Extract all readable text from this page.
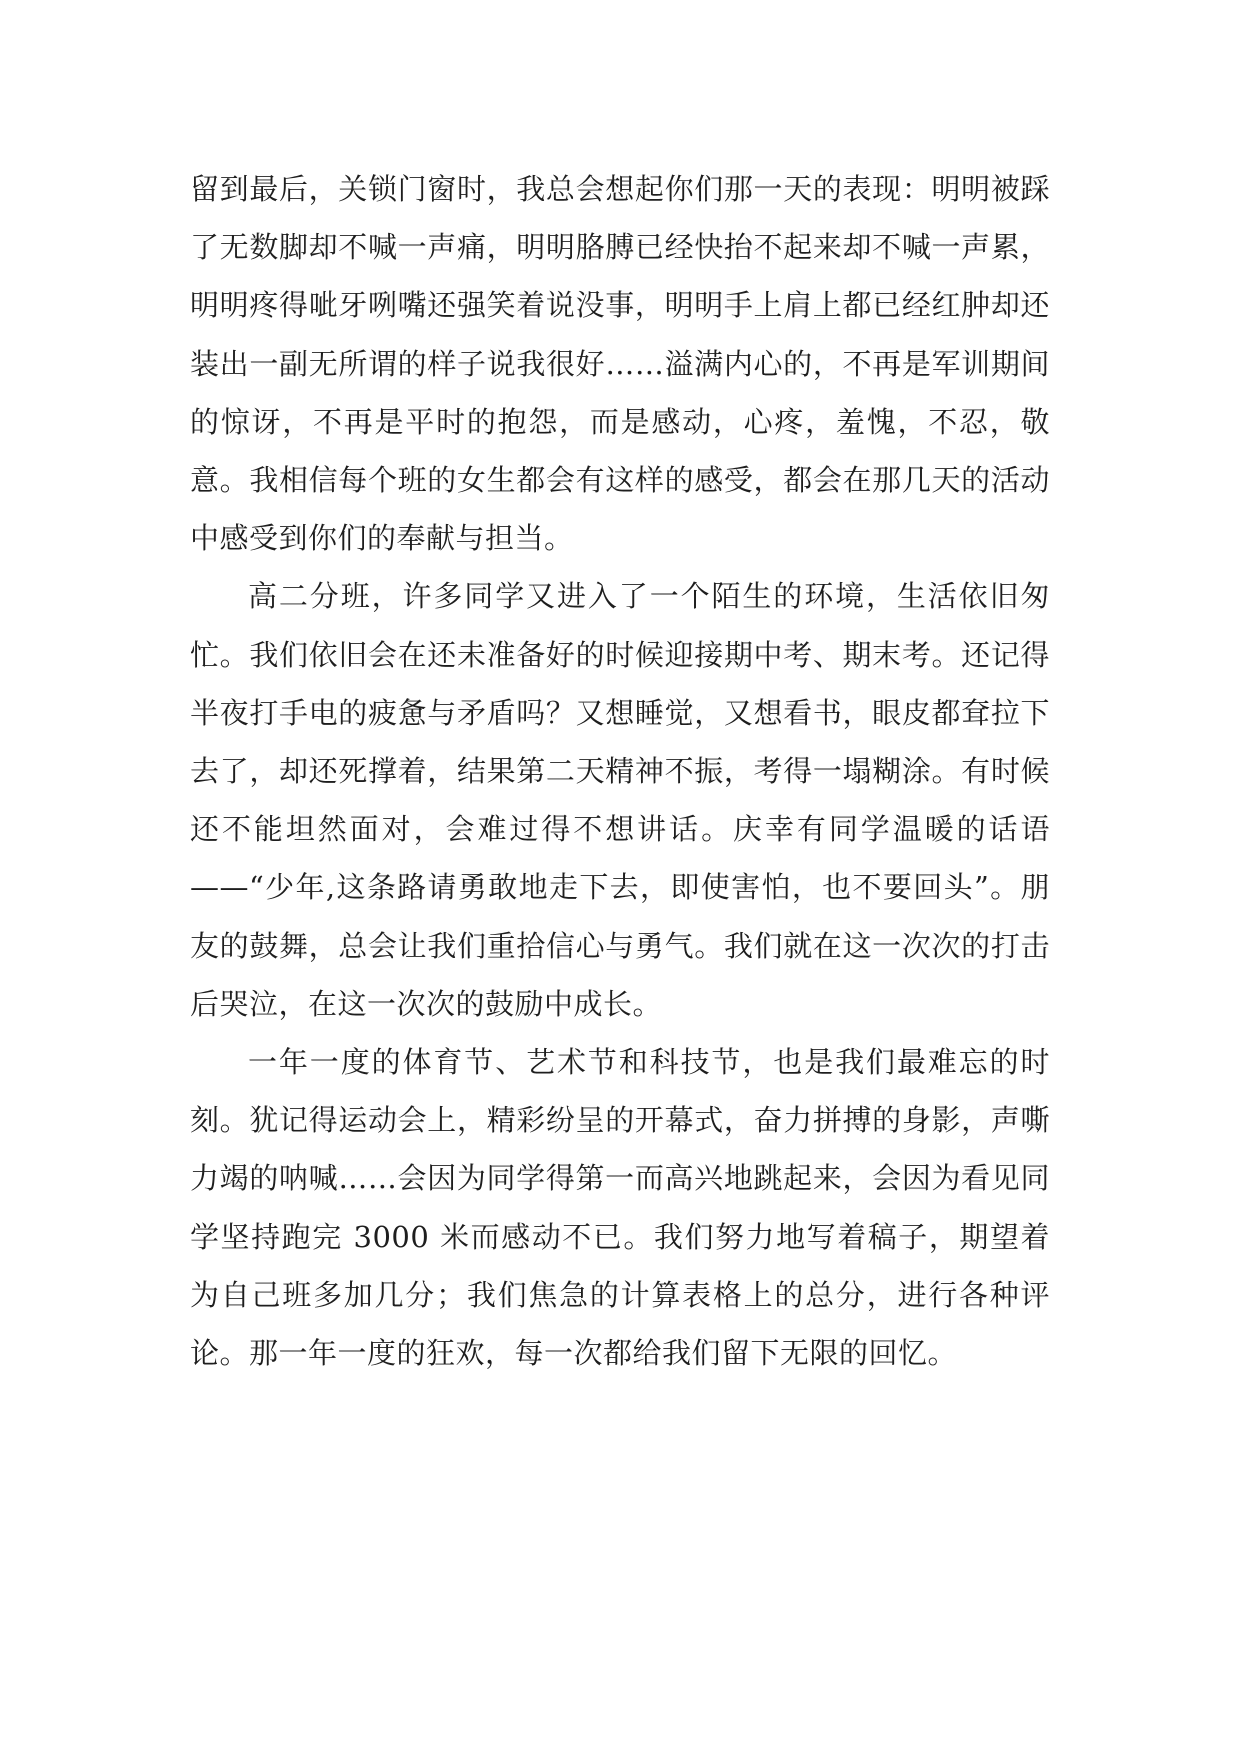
留到最后，关锁门窗时，我总会想起你们那一天的表现：明明被踩了无数脚却不喊一声痛，明明胳膊已经快抬不起来却不喊一声累，明明疼得呲牙咧嘴还强笑着说没事，明明手上肩上都已经红肿却还装出一副无所谓的样子说我很好……溢满内心的，不再是军训期间的惊讶，不再是平时的抱怨，而是感动，心疼，羞愧，不忍，敬意。我相信每个班的女生都会有这样的感受，都会在那几天的活动中感受到你们的奉献与担当。

高二分班，许多同学又进入了一个陌生的环境，生活依旧匆忙。我们依旧会在还未准备好的时候迎接期中考、期末考。还记得半夜打手电的疲惫与矛盾吗？又想睡觉，又想看书，眼皮都耷拉下去了，却还死撑着，结果第二天精神不振，考得一塌糊涂。有时候还不能坦然面对，会难过得不想讲话。庆幸有同学温暖的话语——“少年,这条路请勇敢地走下去，即使害怕，也不要回头”。朋友的鼓舞，总会让我们重拾信心与勇气。我们就在这一次次的打击后哭泣，在这一次次的鼓励中成长。

一年一度的体育节、艺术节和科技节，也是我们最难忘的时刻。犹记得运动会上，精彩纷呈的开幕式，奋力拼搏的身影，声嘶力竭的呐喊……会因为同学得第一而高兴地跳起来，会因为看见同学坚持跑完 3000 米而感动不已。我们努力地写着稿子，期望着为自己班多加几分；我们焦急的计算表格上的总分，进行各种评论。那一年一度的狂欢，每一次都给我们留下无限的回忆。
